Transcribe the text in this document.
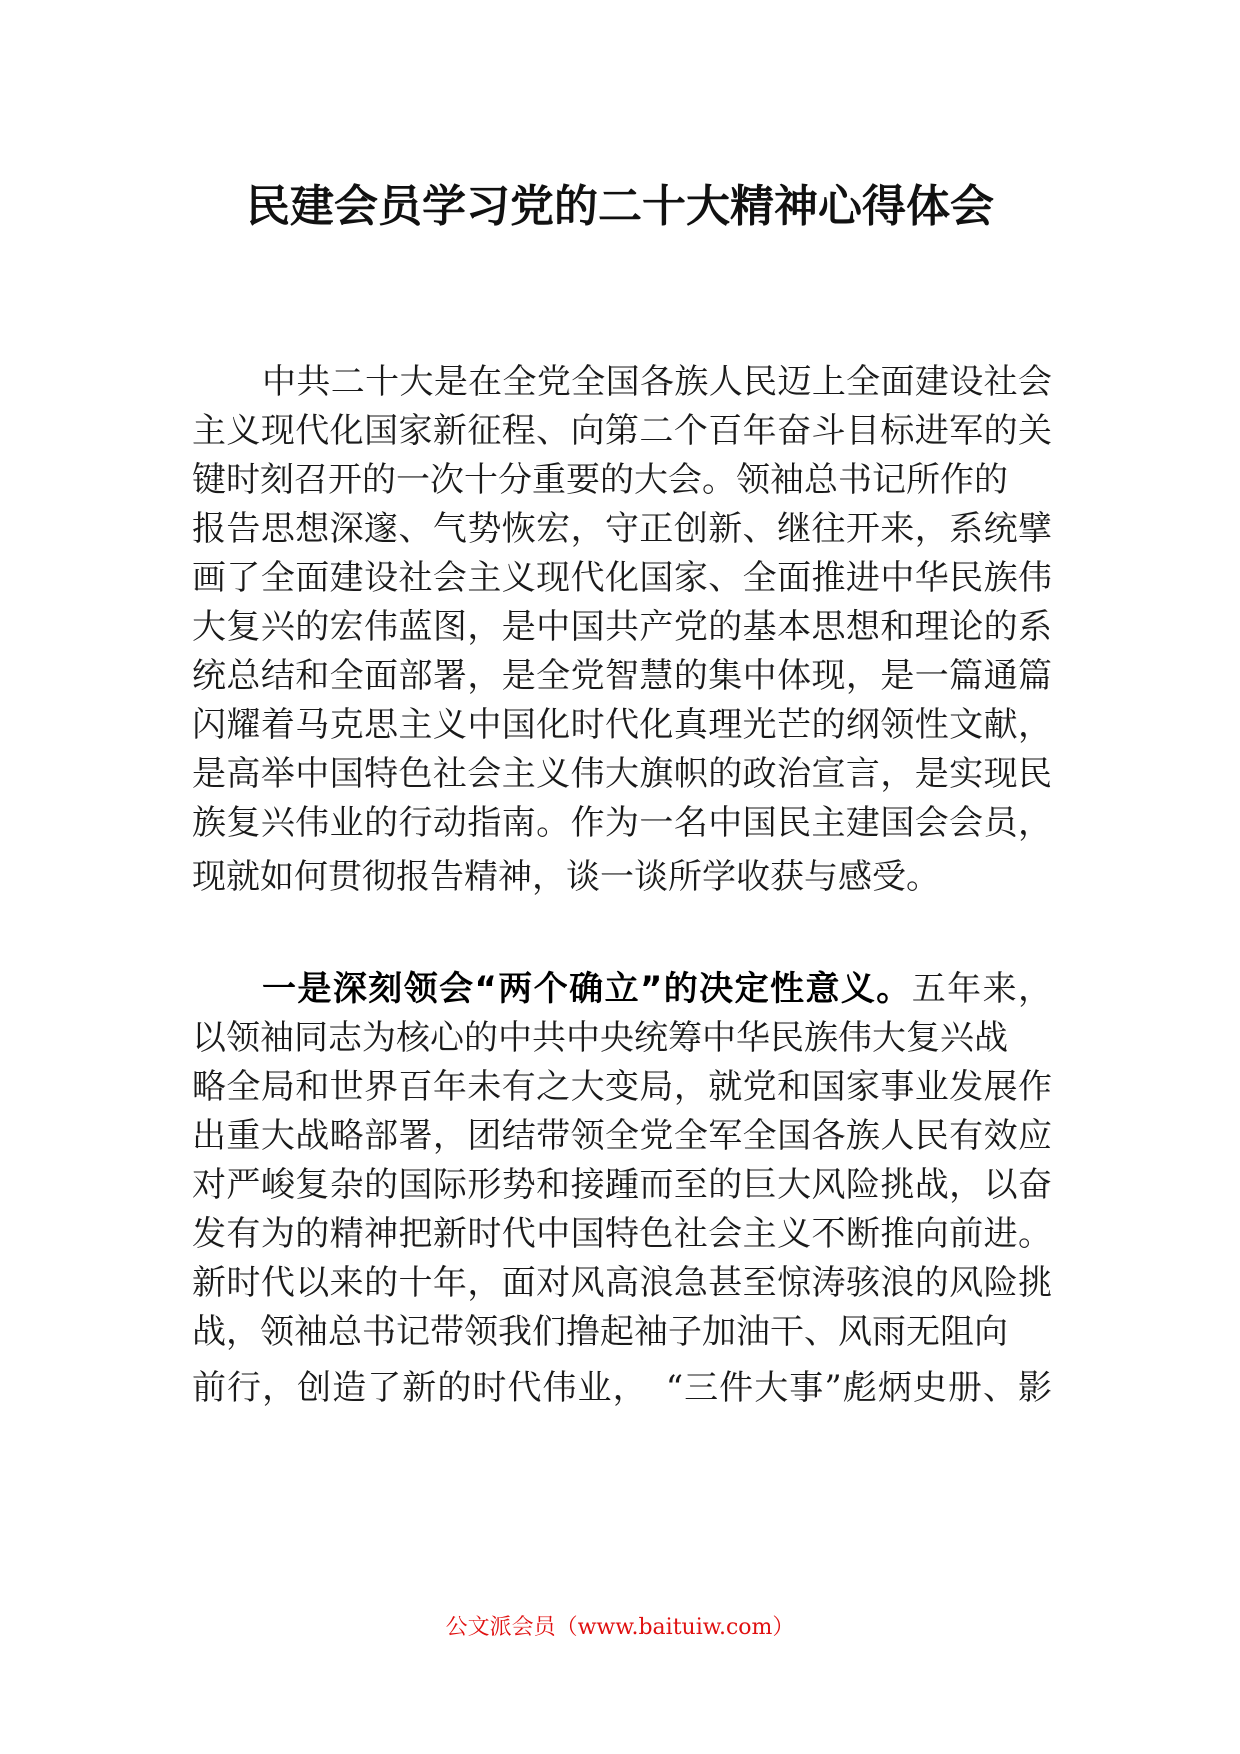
民建会员学习党的二十大精神心得体会
中共二十大是在全党全国各族人民迈上全面建设社会
主义现代化国家新征程、向第二个百年奋斗目标进军的关
键时刻召开的一次十分重要的大会。领袖总书记所作的
报告思想深邃、气势恢宏，守正创新、继往开来，系统擘
画了全面建设社会主义现代化国家、全面推进中华民族伟
大复兴的宏伟蓝图，是中国共产党的基本思想和理论的系
统总结和全面部署，是全党智慧的集中体现，是一篇通篇
闪耀着马克思主义中国化时代化真理光芒的纲领性文献，
是高举中国特色社会主义伟大旗帜的政治宣言，是实现民
族复兴伟业的行动指南。作为一名中国民主建国会会员，
现就如何贯彻报告精神，谈一谈所学收获与感受。
一是深刻领会“两个确立”的决定性意义。五年来，
以领袖同志为核心的中共中央统筹中华民族伟大复兴战
略全局和世界百年未有之大变局，就党和国家事业发展作
出重大战略部署，团结带领全党全军全国各族人民有效应
对严峻复杂的国际形势和接踵而至的巨大风险挑战，以奋
发有为的精神把新时代中国特色社会主义不断推向前进。
新时代以来的十年，面对风高浪急甚至惊涛骇浪的风险挑
战，领袖总书记带领我们撸起袖子加油干、风雨无阻向
前行，创造了新的时代伟业，　“三件大事”彪炳史册、影
公文派会员（www.baituiw.com）
